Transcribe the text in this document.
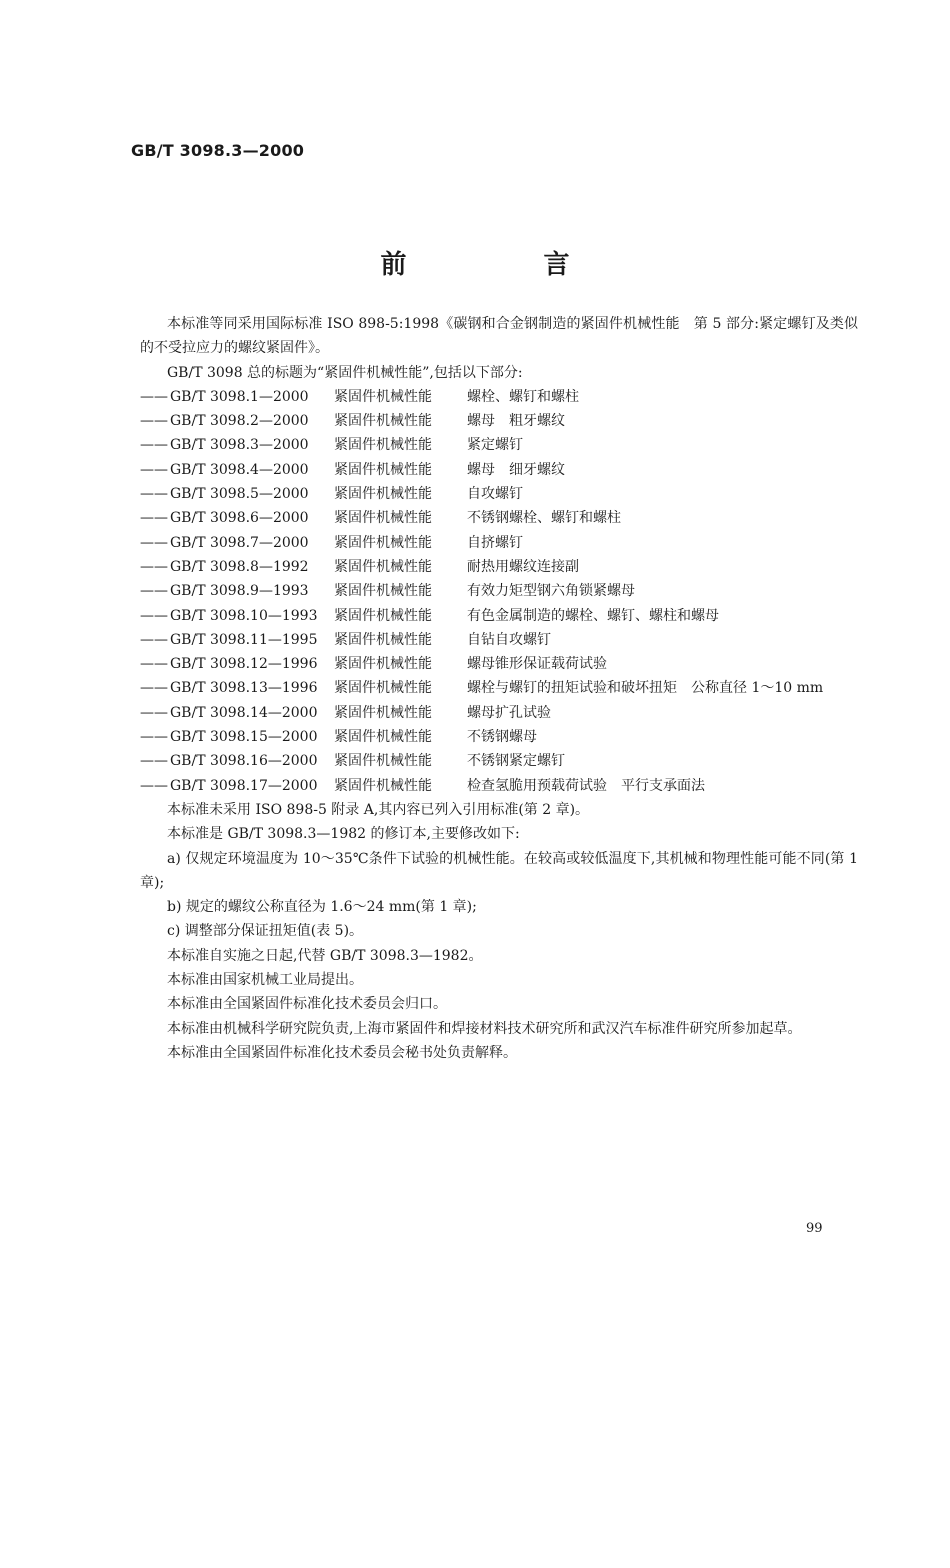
GB/T 3098.3—2000
前 言

本标准等同采用国际标准 ISO 898-5:1998《碳钢和合金钢制造的紧固件机械性能　第 5 部分:紧定螺钉及类似的不受拉应力的螺纹紧固件》。

GB/T 3098 总的标题为“紧固件机械性能”,包括以下部分:

—— GB/T 3098.1—2000	紧固件机械性能	螺栓、螺钉和螺柱
—— GB/T 3098.2—2000	紧固件机械性能	螺母　粗牙螺纹
—— GB/T 3098.3—2000	紧固件机械性能	紧定螺钉
—— GB/T 3098.4—2000	紧固件机械性能	螺母　细牙螺纹
—— GB/T 3098.5—2000	紧固件机械性能	自攻螺钉
—— GB/T 3098.6—2000	紧固件机械性能	不锈钢螺栓、螺钉和螺柱
—— GB/T 3098.7—2000	紧固件机械性能	自挤螺钉
—— GB/T 3098.8—1992	紧固件机械性能	耐热用螺纹连接副
—— GB/T 3098.9—1993	紧固件机械性能	有效力矩型钢六角锁紧螺母
—— GB/T 3098.10—1993	紧固件机械性能	有色金属制造的螺栓、螺钉、螺柱和螺母
—— GB/T 3098.11—1995	紧固件机械性能	自钻自攻螺钉
—— GB/T 3098.12—1996	紧固件机械性能	螺母锥形保证载荷试验
—— GB/T 3098.13—1996	紧固件机械性能	螺栓与螺钉的扭矩试验和破坏扭矩　公称直径 1～10 mm
—— GB/T 3098.14—2000	紧固件机械性能	螺母扩孔试验
—— GB/T 3098.15—2000	紧固件机械性能	不锈钢螺母
—— GB/T 3098.16—2000	紧固件机械性能	不锈钢紧定螺钉
—— GB/T 3098.17—2000	紧固件机械性能	检查氢脆用预载荷试验　平行支承面法

本标准未采用 ISO 898-5 附录 A,其内容已列入引用标准(第 2 章)。

本标准是 GB/T 3098.3—1982 的修订本,主要修改如下:

a) 仅规定环境温度为 10～35℃条件下试验的机械性能。在较高或较低温度下,其机械和物理性能可能不同(第 1 章);

b) 规定的螺纹公称直径为 1.6～24 mm(第 1 章);

c) 调整部分保证扭矩值(表 5)。

本标准自实施之日起,代替 GB/T 3098.3—1982。

本标准由国家机械工业局提出。

本标准由全国紧固件标准化技术委员会归口。

本标准由机械科学研究院负责,上海市紧固件和焊接材料技术研究所和武汉汽车标准件研究所参加起草。

本标准由全国紧固件标准化技术委员会秘书处负责解释。

99
